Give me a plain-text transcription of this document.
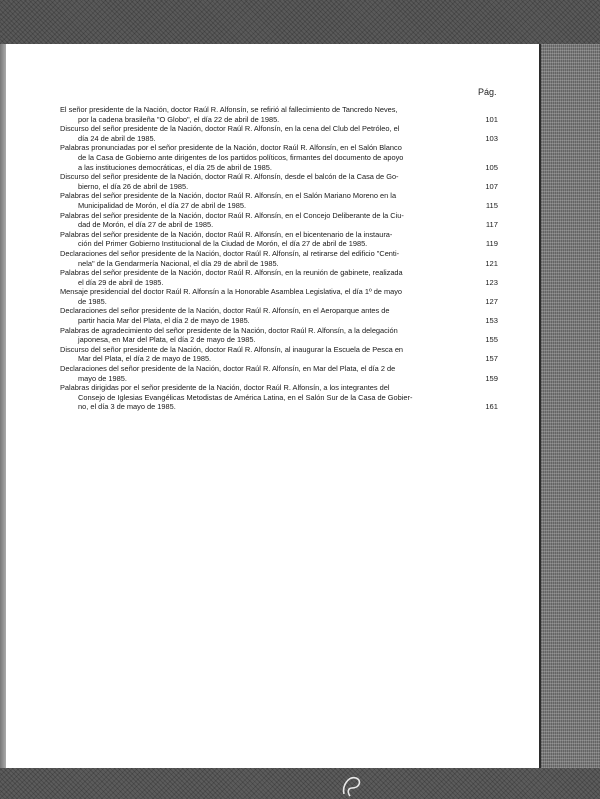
Pág.
El señor presidente de la Nación, doctor Raúl R. Alfonsín, se refirió al fallecimiento de Tancredo Neves,
por la cadena brasileña "O Globo", el día 22 de abril de 1985.	101
Discurso del señor presidente de la Nación, doctor Raúl R. Alfonsín, en la cena del Club del Petróleo, el
día 24 de abril de 1985.	103
Palabras pronunciadas por el señor presidente de la Nación, doctor Raúl R. Alfonsín, en el Salón Blanco
de la Casa de Gobierno ante dirigentes de los partidos políticos, firmantes del documento de apoyo
a las instituciones democráticas, el día 25 de abril de 1985.	105
Discurso del señor presidente de la Nación, doctor Raúl R. Alfonsín, desde el balcón de la Casa de Go-
bierno, el día 26 de abril de 1985.	107
Palabras del señor presidente de la Nación, doctor Raúl R. Alfonsín, en el Salón Mariano Moreno en la
Municipalidad de Morón, el día 27 de abril de 1985.	115
Palabras del señor presidente de la Nación, doctor Raúl R. Alfonsín, en el Concejo Deliberante de la Ciu-
dad de Morón, el día 27 de abril de 1985.	117
Palabras del señor presidente de la Nación, doctor Raúl R. Alfonsín, en el bicentenario de la instaura-
ción del Primer Gobierno Institucional de la Ciudad de Morón, el día 27 de abril de 1985.	119
Declaraciones del señor presidente de la Nación, doctor Raúl R. Alfonsín, al retirarse del edificio "Centi-
nela" de la Gendarmería Nacional, el día 29 de abril de 1985.	121
Palabras del señor presidente de la Nación, doctor Raúl R. Alfonsín, en la reunión de gabinete, realizada
el día 29 de abril de 1985.	123
Mensaje presidencial del doctor Raúl R. Alfonsín a la Honorable Asamblea Legislativa, el día 1º de mayo
de 1985.	127
Declaraciones del señor presidente de la Nación, doctor Raúl R. Alfonsín, en el Aeroparque antes de
partir hacia Mar del Plata, el día 2 de mayo de 1985.	153
Palabras de agradecimiento del señor presidente de la Nación, doctor Raúl R. Alfonsín, a la delegación
japonesa, en Mar del Plata, el día 2 de mayo de 1985.	155
Discurso del señor presidente de la Nación, doctor Raúl R. Alfonsín, al inaugurar la Escuela de Pesca en
Mar del Plata, el día 2 de mayo de 1985.	157
Declaraciones del señor presidente de la Nación, doctor Raúl R. Alfonsín, en Mar del Plata, el día 2 de
mayo de 1985.	159
Palabras dirigidas por el señor presidente de la Nación, doctor Raúl R. Alfonsín, a los integrantes del
Consejo de Iglesias Evangélicas Metodistas de América Latina, en el Salón Sur de la Casa de Gobier-
no, el día 3 de mayo de 1985.	161
